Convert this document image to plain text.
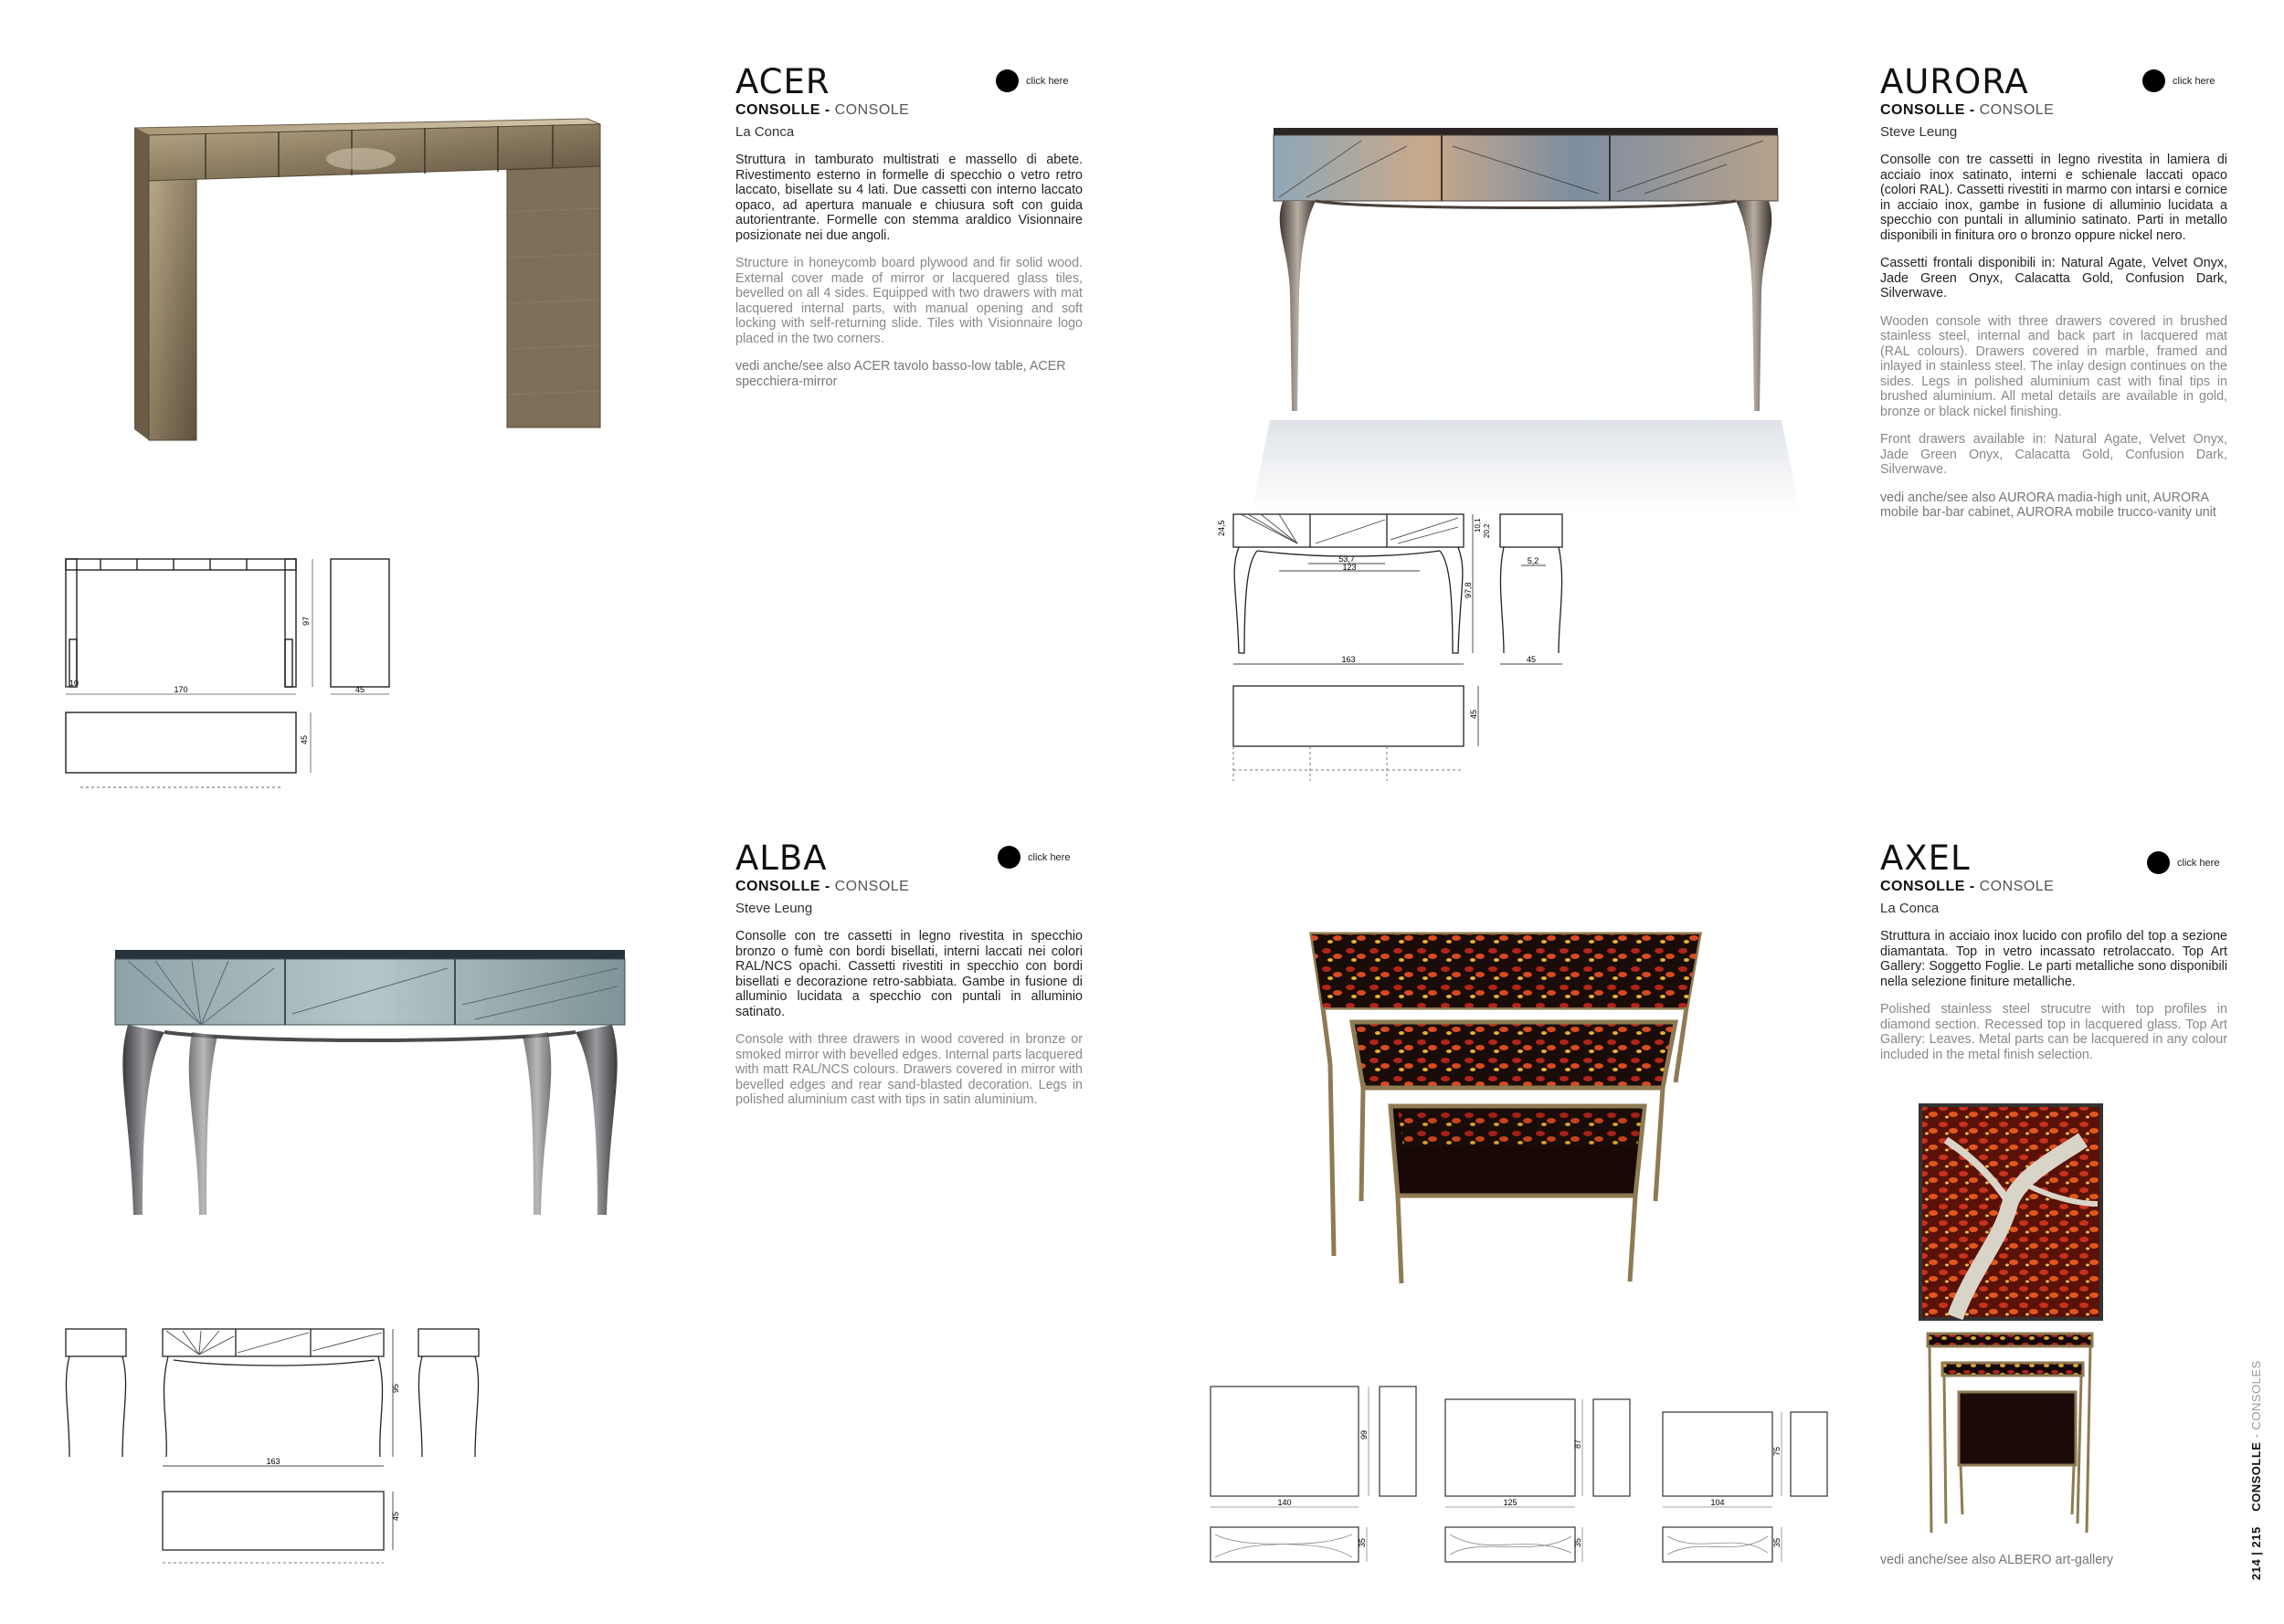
ACER
CONSOLLE - CONSOLE
La Conca

Struttura in tamburato multistrati e massello di abete. Rivestimento esterno in formelle di specchio o vetro retro laccato, bisellate su 4 lati. Due cassetti con interno laccato opaco, ad apertura manuale e chiusura soft con guida autorientrante. Formelle con stemma araldico Visionnaire posizionate nei due angoli.

Structure in honeycomb board plywood and fir solid wood. External cover made of mirror or lacquered glass tiles, bevelled on all 4 sides. Equipped with two drawers with mat lacquered internal parts, with manual opening and soft locking with self-returning slide. Tiles with Visionnaire logo placed in the two corners.

vedi anche/see also ACER tavolo basso-low table, ACER specchiera-mirror

click here
170
10
97
45
45
AURORA
CONSOLLE - CONSOLE
Steve Leung

Consolle con tre cassetti in legno rivestita in lamiera di acciaio inox satinato, interni e schienale laccati opaco (colori RAL). Cassetti rivestiti in marmo con intarsi e cornice in acciaio inox, gambe in fusione di alluminio lucidata a specchio con puntali in alluminio satinato. Parti in metallo disponibili in finitura oro o bronzo oppure nickel nero.

Cassetti frontali disponibili in: Natural Agate, Velvet Onyx, Jade Green Onyx, Calacatta Gold, Confusion Dark, Silverwave.

Wooden console with three drawers covered in brushed stainless steel, internal and back part in lacquered mat (RAL colours). Drawers covered in marble, framed and inlayed in stainless steel. The inlay design continues on the sides. Legs in polished aluminium cast with final tips in brushed aluminium. All metal details are available in gold, bronze or black nickel finishing.

Front drawers available in: Natural Agate, Velvet Onyx, Jade Green Onyx, Calacatta Gold, Confusion Dark, Silverwave.

vedi anche/see also AURORA madia-high unit, AURORA mobile bar-bar cabinet, AURORA mobile trucco-vanity unit

click here
53,7
123
163
24,5	10,1 20,2
97,8
5,2
45
45
ALBA
CONSOLLE - CONSOLE
Steve Leung

Consolle con tre cassetti in legno rivestita in specchio bronzo o fumè con bordi bisellati, interni laccati nei colori RAL/NCS opachi. Cassetti rivestiti in specchio con bordi bisellati e decorazione retro-sabbiata. Gambe in fusione di alluminio lucidata a specchio con puntali in alluminio satinato.

Console with three drawers in wood covered in bronze or smoked mirror with bevelled edges. Internal parts lacquered with matt RAL/NCS colours. Drawers covered in mirror with bevelled edges and rear sand-blasted decoration. Legs in polished aluminium cast with tips in satin aluminium.

click here
163
95
45
AXEL
CONSOLLE - CONSOLE
La Conca

Struttura in acciaio inox lucido con profilo del top a sezione diamantata. Top in vetro incassato retrolaccato. Top Art Gallery: Soggetto Foglie. Le parti metalliche sono disponibili nella selezione finiture metalliche.

Polished stainless steel strucutre with top profiles in diamond section. Recessed top in lacquered glass. Top Art Gallery: Leaves. Metal parts can be lacquered in any colour included in the metal finish selection.

click here
vedi anche/see also ALBERO art-gallery
140	125	104
99
87
75
35	35	35	214 | 215    CONSOLLE - CONSOLES
